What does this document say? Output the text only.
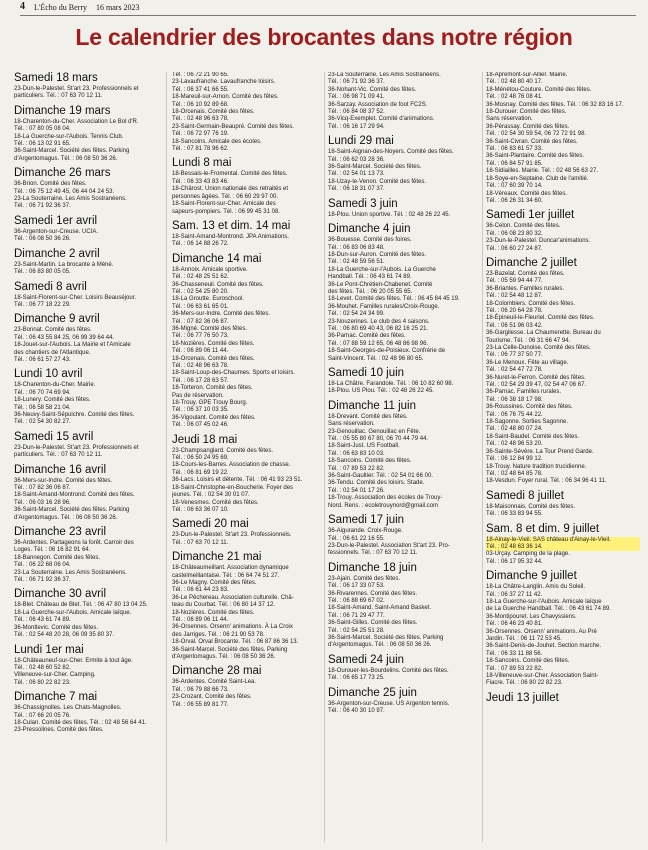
4 L'Écho du Berry 16 mars 2023
Le calendrier des brocantes dans notre région
Samedi 18 mars
23-Dun-le-Palestel. St'art 23. Professionnels et
particuliers. Tél. : 07 63 70 12 11.
Dimanche 19 mars
18-Charenton-du-Cher. Association Le Bol d'R.
Tél. : 07 80 05 08 04.
18-La Guerche-sur-l'Aubois. Tennis Club.
Tél. : 06 13 02 91 65.
36-Saint-Marcel. Société des fêtes. Parking
d'Argentomagus. Tél. : 06 08 50 36 26.
Dimanche 26 mars
36-Brion. Comité des fêtes.
Tél. : 06 75 12 49 45, 06 44 04 24 53.
23-La Souterraine. Les Amis Sostranéens.
Tél. : 06 71 92 36 37.
Samedi 1er avril
36-Argenton-sur-Creuse. UCIA.
Tél. : 06 08 50 36 26.
Dimanche 2 avril
23-Saint-Martin. La brocante à Méné.
Tél. : 06 83 80 05 05.
Samedi 8 avril
18-Saint-Florent-sur-Cher. Loisirs Beauséjour.
Tél. : 06 77 18 22 29.
Dimanche 9 avril
23-Bonnat. Comité des fêtes.
Tél. : 06 43 55 84 25, 06 99 39 64 44.
18-Jouet-sur-l'Aubois. La Mairie et l'Amicale
des chantiers de l'Atlantique.
Tél. : 06 61 57 27 43.
Lundi 10 avril
18-Charenton-du-Cher. Mairie.
Tél. : 06 70 74 69 94.
18-Lunery. Comité des fêtes.
Tél. : 06 58 58 21 04.
36-Neuvy-Saint-Sépulchre. Comité des fêtes.
Tél. : 02 54 30 82 27.
Samedi 15 avril
23-Dun-le-Palestel. St'art 23. Professionnels et
particuliers. Tél. : 07 63 70 12 11.
Dimanche 16 avril
36-Mers-sur-Indre. Comité des fêtes.
Tél. : 07 82 36 06 87.
18-Saint-Amand-Montrond. Comité des fêtes.
Tél. : 06 03 16 28 96.
36-Saint-Marcel. Société des fêtes. Parking
d'Argentomagus. Tél. : 06 08 50 36 26.
Dimanche 23 avril
36-Ardentes. Partageons la forêt. Carroir des
Loges. Tél. : 06 16 82 91 64.
18-Bannegon. Comité des fêtes.
Tél. : 06 22 68 06 04.
23-La Souterraine. Les Amis Sostranéens.
Tél. : 06 71 92 36 37.
Dimanche 30 avril
18-Blet. Château de Blet. Tél. : 06 47 80 13 04 25.
18-La Guerche-sur-l'Aubois. Amicale laïque.
Tél. : 06 43 61 74 89.
36-Montlevic. Comité des fêtes.
Tél. : 02 54 48 20 28, 06 09 35 80 37.
Lundi 1er mai
18-Châteauneuf-sur-Cher. Ermite à tout âge.
Tél. : 02 48 60 52 82.
Villeneuve-sur-Cher. Camping.
Tél. : 06 80 22 82 23.
Dimanche 7 mai
36-Chassignolles. Les Chats-Magnolles.
Tél. : 07 66 20 05 76.
18-Culan. Comité des fêtes. Tél. : 02 48 56 64 41.
23-Pressolines. Comité des fêtes.
Tél. : 06 72 21 90 65.
23-Lavaufranche. Lavaufranche loisirs.
Tél. : 06 37 41 66 55.
18-Mareuil-sur-Arnon. Comité des fêtes.
Tél. : 06 10 92 89 68.
18-Orcenais. Comité des fêtes.
Tél. : 02 48 96 63 78.
23-Saint-Germain-Beaupré. Comité des fêtes.
Tél. : 06 72 97 76 19.
18-Sancoins. Amicale des écoles.
Tél. : 07 81 78 96 62.
Lundi 8 mai
18-Bessais-le-Fromental. Comité des fêtes.
Tél. : 06 33 43 83 46.
18-Chârost. Union nationale des retraités et
personnes âgées. Tél. : 06 60 29 97 00.
18-Saint-Florent-sur-Cher. Amicale des
sapeurs-pompiers. Tél. : 06 99 45 31 08.
Sam. 13 et dim. 14 mai
18-Saint-Amand-Montrond. JPA Animations.
Tél. : 06 14 88 26 72.
Dimanche 14 mai
18-Annoix. Amicale sportive.
Tél. : 02 48 25 51 62.
36-Chasseneuil. Comité des fêtes.
Tél. : 02 54 25 80 20.
18-La Groutte. Euroschool.
Tél. : 06 63 61 65 01.
36-Mers-sur-Indre. Comité des fêtes.
Tél. : 07 82 36 06 87.
36-Migné. Comité des fêtes.
Tél. : 06 77 76 50 73.
18-Nozières. Comité des fêtes.
Tél. : 06 89 06 11 44.
18-Orcenais. Comité des fêtes.
Tél. : 02 48 96 63 78.
18-Saint-Loup-des-Chaumes. Sports et loisirs.
Tél. : 06 17 28 63 57.
18-Torteron. Comité des fêtes.
Pas de réservation.
18-Trouy. GPE Trouy Bourg.
Tél. : 06 37 10 03 35.
36-Vigoulant. Comité des fêtes.
Tél. : 06 07 45 02 46.
Jeudi 18 mai
23-Champsanglard. Comité des fêtes.
Tél. : 06 50 24 95 69.
18-Cours-les-Barres. Association de chasse.
Tél. : 06 81 69 19 22.
36-Lacs. Loisirs et détente. Tél. : 06 41 93 23 51.
18-Saint-Christophe-en-Boucherie. Foyer des
jeunes. Tél. : 02 54 30 01 07.
18-Venesmes. Comité des fêtes.
Tél. : 06 63 36 07 10.
Samedi 20 mai
23-Dun-le-Palestel. St'art 23. Professionnels.
Tél. : 07 63 70 12 11.
Dimanche 21 mai
18-Châteaumeillant. Association dynamique
castelmeillantaise. Tél. : 06 64 74 51 27.
36-Le Magny. Comité des fêtes.
Tél. : 06 61 44 23 83.
36-Le Pêchereau. Association culturelle. Châ-
teau du Courbat. Tél. : 06 80 14 37 12.
18-Nozières. Comité des fêtes.
Tél. : 06 89 06 11 44.
36-Orsennes. Orsenn' animations. À La Croix
des Jarriges. Tél. : 06 21 90 53 78.
18-Orval. Orval Brocante. Tél. : 06 87 86 36 13.
36-Saint-Marcel. Société des fêtes. Parking
d'Argentomagus. Tél. : 06 08 50 36 26.
Dimanche 28 mai
36-Ardentes. Comité Saint-Lea.
Tél. : 06 79 88 66 73.
23-Crozant. Comité des fêtes.
Tél. : 06 55 89 81 77.
23-La Souterraine. Les Amis Sostranéens.
Tél. : 06 71 92 36 37.
36-Nohant-Vic. Comité des fêtes.
Tél. : 06 98 71 09 41.
36-Sarzay. Association de foot FC2S.
Tél. : 06 84 08 37 52.
36-Vicq-Exemplet. Comité d'animations.
Tél. : 06 16 17 29 94.
Lundi 29 mai
18-Saint-Aignan-des-Noyers. Comité des fêtes.
Tél. : 06 62 03 28 36.
36-Saint-Marcel. Société des fêtes.
Tél. : 02 54 01 13 73.
18-Uzay-le-Venon. Comité des fêtes.
Tél. : 06 18 31 07 37.
Samedi 3 juin
18-Plou. Union sportive. Tél. : 02 48 26 22 45.
Dimanche 4 juin
36-Bouesse. Comité des foires.
Tél. : 06 83 06 83 48.
18-Dun-sur-Auron. Comité des fêtes.
Tél. : 02 48 59 56 51.
18-La Guerche-sur-l'Aubois. La Guerche
Handball. Tél. : 06 43 61 74 89.
36-Le Pont-Chrétien-Chabenet. Comité
des fêtes. Tél. : 06 20 05 55 65.
18-Levet. Comité des fêtes. Tél. : 06 45 84 45 19.
36-Mouhet. Familles rurales/Croix-Rouge.
Tél. : 02 54 24 34 99.
23-Nouzerines. Le club des 4 saisons.
Tél. : 06 80 69 40 43, 06 82 16 25 21.
36-Parnac. Comité des fêtes.
Tél. : 07 88 59 12 65, 06 48 86 98 96.
18-Saint-Georges-de-Poisieux. Confrérie de
Saint-Vincent. Tél. : 02 48 96 80 65.
Samedi 10 juin
18-La Châtre. Farandole. Tél. : 06 10 82 60 98.
18-Plou. US Plou. Tél. : 02 48 26 22 45.
Dimanche 11 juin
18-Drevant. Comité des fêtes.
Sans réservation.
23-Genouillac. Genouillac en Fête.
Tél. : 05 55 80 67 80, 06 70 44 79 44.
18-Saint-Just. US Football.
Tél. : 06 63 83 10 03.
18-Sancoins. Comité des fêtes.
Tél. : 07 89 53 22 82.
36-Saint-Gaultier. Tél. : 02 54 01 66 00.
36-Tendu. Comité des loisirs. Stade.
Tél. : 02 54 01 17 26.
18-Trouy. Association des écoles de Trouy-
Nord. Rens. : ecoletrouynord@gmail.com
Samedi 17 juin
36-Aigurande. Croix-Rouge.
Tél. : 06 61 22 16 55.
23-Dun-le-Palestel. Association St'art 23. Pro-
fessionnels. Tél. : 07 63 70 12 11.
Dimanche 18 juin
23-Ajain. Comité des fêtes.
Tél. : 06 17 33 07 53.
36-Rivarennes. Comité des fêtes.
Tél. : 06 88 69 67 02.
18-Saint-Amand. Saint-Amand Basket.
Tél. : 06 71 29 47 77.
36-Saint-Gilles. Comité des fêtes.
Tél. : 02 54 25 51 28.
36-Saint-Marcel. Société des fêtes. Parking
d'Argentomagus. Tél. : 06 08 50 36 26.
Samedi 24 juin
18-Ourouer-les-Bourdelins. Comité des fêtes.
Tél. : 06 65 17 73 25.
Dimanche 25 juin
36-Argenton-sur-Creuse. US Argenton tennis.
Tél. : 06 40 30 10 97.
18-Apremont-sur-Allier. Mairie.
Tél. : 02 48 80 40 17.
18-Ménétou-Couture. Comité des fêtes.
Tél. : 02 48 76 08 41.
36-Mosnay. Comité des fêtes. Tél. : 06 32 83 16 17.
18-Ourouer. Comité des fêtes.
Sans réservation.
36-Pérassay. Comité des fêtes.
Tél. : 02 54 30 59 54, 06 72 72 91 98.
36-Saint-Civran. Comité des fêtes.
Tél. : 06 83 61 57 33.
36-Saint-Plantaire. Comité des fêtes.
Tél. : 06 84 57 91 85.
18-Sidiailles. Mairie. Tél. : 02 48 56 63 27.
18-Soye-en-Septaine. Club de l'amitié.
Tél. : 07 60 39 70 14.
18-Véreaux. Comité des fêtes.
Tél. : 06 26 31 34 60.
Samedi 1er juillet
36-Celon. Comité des fêtes.
Tél. : 06 08 23 80 32.
23-Dun-le-Palestel. Duncar'animations.
Tél. : 06 60 27 24 87.
Dimanche 2 juillet
23-Bazelat. Comité des fêtes.
Tél. : 05 59 94 44 77.
36-Briantes. Familles rurales.
Tél. : 02 54 48 12 87.
18-Colombiers. Comité des fêtes.
Tél. : 06 20 64 28 78.
18-Épineuil-le-Fleuriel. Comité des fêtes.
Tél. : 06 51 96 03 42.
36-Gargilesse. La Chaumerette. Bureau du
Tourisme. Tél. : 06 31 66 47 94.
23-La Celle-Dunoise. Comité des fêtes.
Tél. : 06 77 37 50 77.
36-Le Menoux. Fête au village.
Tél. : 02 54 47 72 78.
36-Nuret-le-Ferron. Comité des fêtes.
Tél. : 02 54 29 39 47, 02 54 47 06 67.
36-Parnac. Familles rurales.
Tél. : 06 38 18 17 98.
36-Roussines. Comité des fêtes.
Tél. : 06 76 75 44 22.
18-Sagonne. Sorties Sagonne.
Tél. : 02 48 80 07 24.
18-Saint-Baudel. Comité des fêtes.
Tél. : 02 48 96 53 20.
36-Sainte-Sévère. La Tour Prend Garde.
Tél. : 06 12 84 99 12.
18-Trouy. Nature tradition trucidienne.
Tél. : 02 48 64 85 78.
18-Vesdun. Foyer rural. Tél. : 06 34 96 41 11.
Samedi 8 juillet
18-Maisonnais. Comité des fêtes.
Tél. : 06 33 83 94 55.
Sam. 8 et dim. 9 juillet
18-Ainay-le-Vieil. SAS château d'Ainay-le-Vieil.
Tél. : 02 48 63 36 14.
03-Urçay. Camping de la plage.
Tél. : 06 17 95 32 44.
Dimanche 9 juillet
18-La Châtre-Langlin. Amis du Soleil.
Tél. : 06 37 27 11 42.
18-La Guerche-sur-l'Aubois. Amicale laïque
de La Guerche Handball. Tél. : 06 43 61 74 89.
36-Montipouret. Les Chavyssiens.
Tél. : 06 46 23 40 81.
36-Orsennes. Orsenn' animations. Au Pré
Jardin. Tél. : 06 11 72 53 45.
36-Saint-Denis-de-Jouhet. Section marche.
Tél. : 06 33 11 88 56.
18-Sancoins. Comité des fêtes.
Tél. : 07 89 53 22 82.
18-Villeneuve-sur-Cher. Association Saint-
Fiacre. Tél. : 06 80 22 82 23.
Jeudi 13 juillet
